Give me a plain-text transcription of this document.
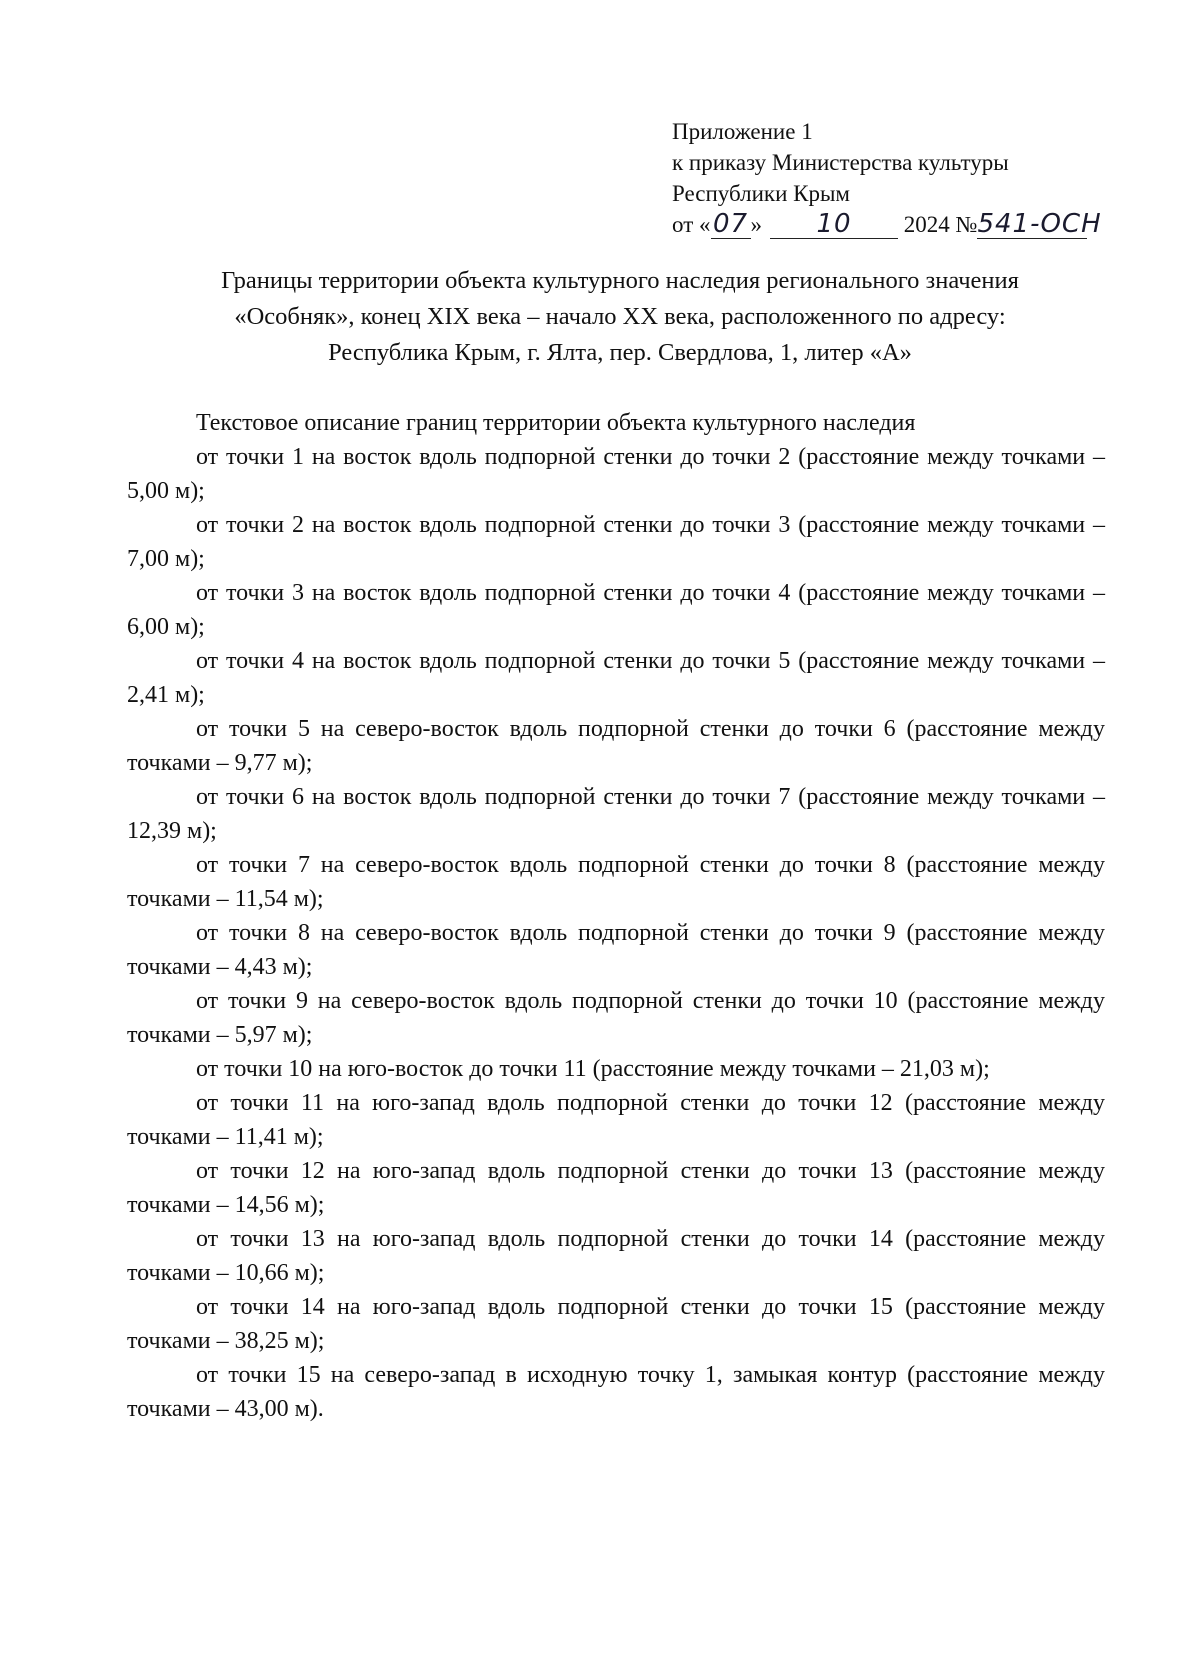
Приложение 1
к приказу Министерства культуры
Республики Крым
от «07 » 10 2024 №541-ОСН
Границы территории объекта культурного наследия регионального значения
«Особняк», конец XIX века – начало XX века, расположенного по адресу:
Республика Крым, г. Ялта, пер. Свердлова, 1, литер «А»
Текстовое описание границ территории объекта культурного наследия
от точки 1 на восток вдоль подпорной стенки до точки 2 (расстояние между точками – 5,00 м);
от точки 2 на восток вдоль подпорной стенки до точки 3 (расстояние между точками – 7,00 м);
от точки 3 на восток вдоль подпорной стенки до точки 4 (расстояние между точками – 6,00 м);
от точки 4 на восток вдоль подпорной стенки до точки 5 (расстояние между точками – 2,41 м);
от точки 5 на северо-восток вдоль подпорной стенки до точки 6 (расстояние между точками – 9,77 м);
от точки 6 на восток вдоль подпорной стенки до точки 7 (расстояние между точками – 12,39 м);
от точки 7 на северо-восток вдоль подпорной стенки до точки 8 (расстояние между точками – 11,54 м);
от точки 8 на северо-восток вдоль подпорной стенки до точки 9 (расстояние между точками – 4,43 м);
от точки 9 на северо-восток вдоль подпорной стенки до точки 10 (расстояние между точками – 5,97 м);
от точки 10 на юго-восток до точки 11 (расстояние между точками – 21,03 м);
от точки 11 на юго-запад вдоль подпорной стенки до точки 12 (расстояние между точками – 11,41 м);
от точки 12 на юго-запад вдоль подпорной стенки до точки 13 (расстояние между точками – 14,56 м);
от точки 13 на юго-запад вдоль подпорной стенки до точки 14 (расстояние между точками – 10,66 м);
от точки 14 на юго-запад вдоль подпорной стенки до точки 15 (расстояние между точками – 38,25 м);
от точки 15 на северо-запад в исходную точку 1, замыкая контур (расстояние между точками – 43,00 м).
